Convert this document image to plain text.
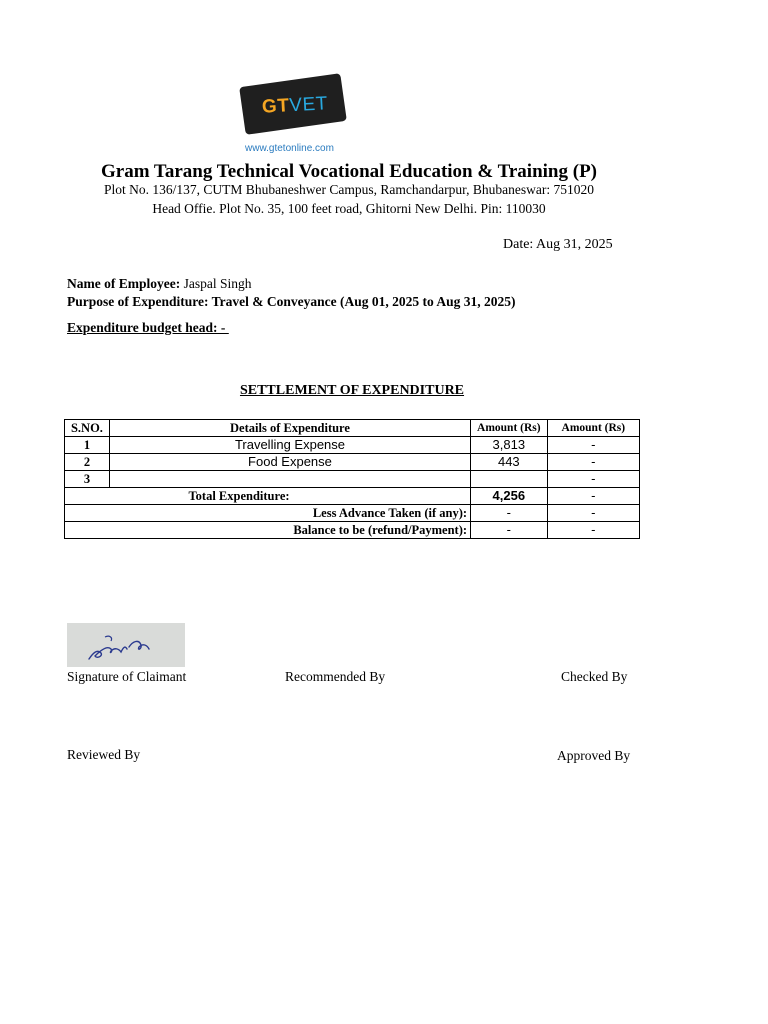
GTVET
www.gtetonline.com
Gram Tarang Technical Vocational Education & Training (P)
Plot No. 136/137, CUTM Bhubaneshwer Campus, Ramchandarpur, Bhubaneswar: 751020
Head Offie. Plot No. 35, 100 feet road, Ghitorni New Delhi. Pin: 110030
Date: Aug 31, 2025
Name of Employee: Jaspal Singh
Purpose of Expenditure: Travel & Conveyance (Aug 01, 2025 to Aug 31, 2025)
Expenditure budget head: -
SETTLEMENT OF EXPENDITURE
S.NO.	Details of Expenditure	Amount (Rs)	Amount (Rs)
1	Travelling Expense	3,813	-
2	Food Expense	443	-
3			-
Total Expenditure:		4,256	-
Less Advance Taken (if any):		-	-
Balance to be (refund/Payment):		-	-
Signature of Claimant	Recommended By	Checked By
Reviewed By	Approved By
